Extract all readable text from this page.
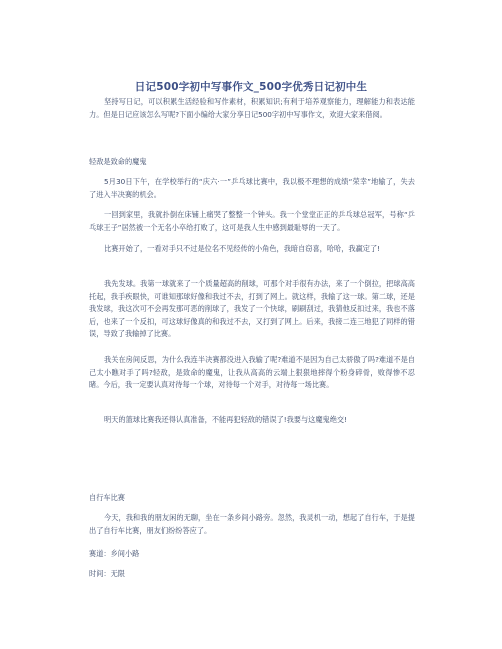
日记500字初中写事作文_500字优秀日记初中生

坚持写日记，可以积累生活经验和写作素材，积累知识;有利于培养观察能力，理解能力和表达能力。但是日记应该怎么写呢?下面小编给大家分享日记500字初中写事作文，欢迎大家来借阅。

轻敌是致命的魔鬼

5月30日下午，在学校举行的“庆六·一”乒乓球比赛中，我以极不理想的成绩“荣幸”地输了，失去了进入半决赛的机会。

一回到家里，我就扑倒在床铺上痛哭了整整一个钟头。我一个堂堂正正的乒乓球总冠军，号称“乒乓球王子”居然被一个无名小卒给打败了，这可是我人生中感到最耻辱的一天了。

比赛开始了，一看对手只不过是位名不见经传的小角色，我暗自窃喜，哈哈，我赢定了!

我先发球。我第一球就来了一个质量超高的削球，可那个对手很有办法，来了一个倒拉，把球高高托起，我手疾眼快，可谁知那球好像和我过不去，打到了网上。就这样，我输了这一球。第二球，还是我发球，我这次可不会再发那可恶的削球了，我发了一个快球，刷刷刮过，我猜他反扣过来，我也不落后，也来了一个反扣，可这球好像真的和我过不去，又打到了网上。后来，我接二连三地犯了同样的错误，导致了我输掉了比赛。

我关在房间反思，为什么我连半决赛都没进入我输了呢?难道不是因为自己太骄傲了吗?难道不是自己太小瞧对手了吗?轻敌，是致命的魔鬼，让我从高高的云端上狠狠地摔得个粉身碎骨，败得惨不忍睹。今后，我一定要认真对待每一个球，对待每一个对手，对待每一场比赛。

明天的篮球比赛我还得认真准备，不能再犯轻敌的错误了!我要与这魔鬼绝交!

自行车比赛

今天，我和我的朋友闲的无聊，坐在一条乡间小路旁。忽然，我灵机一动，想起了自行车，于是提出了自行车比赛，朋友们纷纷答应了。

赛道：乡间小路
时间：无限
